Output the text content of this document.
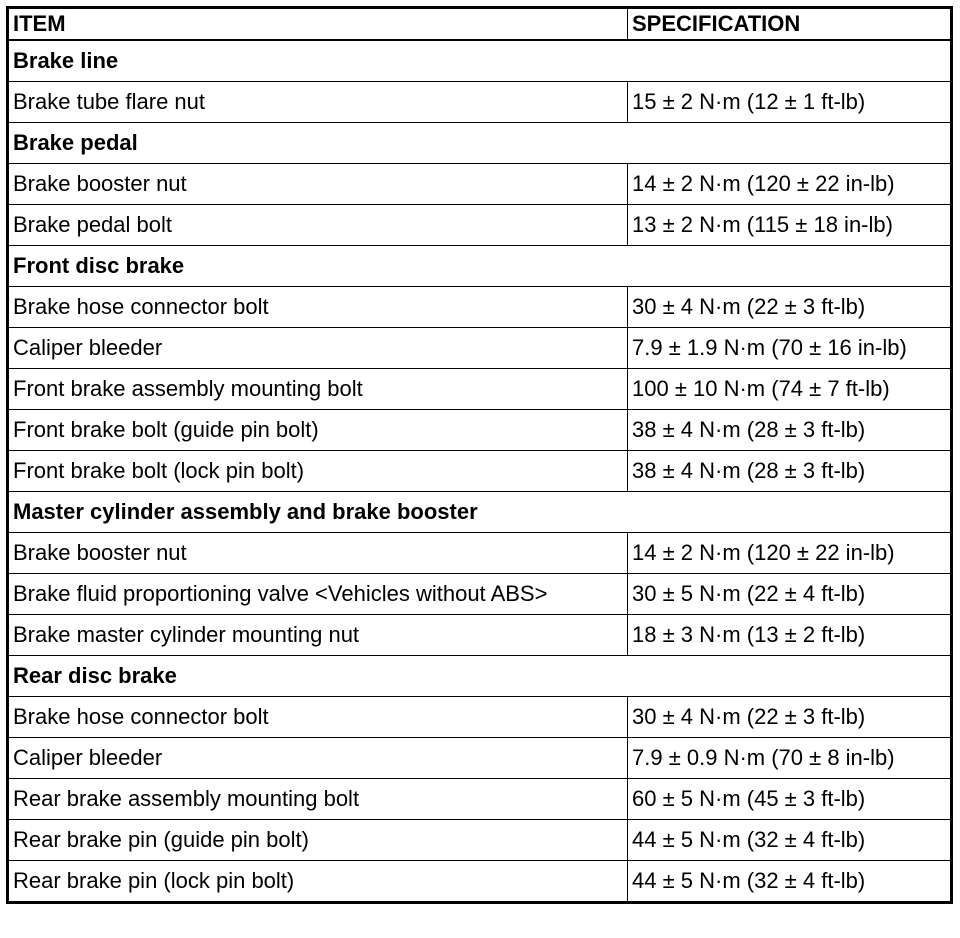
ITEM	SPECIFICATION
Brake line	
Brake tube flare nut	15 ± 2 N·m (12 ± 1 ft-lb)
Brake pedal	
Brake booster nut	14 ± 2 N·m (120 ± 22 in-lb)
Brake pedal bolt	13 ± 2 N·m (115 ± 18 in-lb)
Front disc brake	
Brake hose connector bolt	30 ± 4 N·m (22 ± 3 ft-lb)
Caliper bleeder	7.9 ± 1.9 N·m (70 ± 16 in-lb)
Front brake assembly mounting bolt	100 ± 10 N·m (74 ± 7 ft-lb)
Front brake bolt (guide pin bolt)	38 ± 4 N·m (28 ± 3 ft-lb)
Front brake bolt (lock pin bolt)	38 ± 4 N·m (28 ± 3 ft-lb)
Master cylinder assembly and brake booster	
Brake booster nut	14 ± 2 N·m (120 ± 22 in-lb)
Brake fluid proportioning valve <Vehicles without ABS>	30 ± 5 N·m (22 ± 4 ft-lb)
Brake master cylinder mounting nut	18 ± 3 N·m (13 ± 2 ft-lb)
Rear disc brake	
Brake hose connector bolt	30 ± 4 N·m (22 ± 3 ft-lb)
Caliper bleeder	7.9 ± 0.9 N·m (70 ± 8 in-lb)
Rear brake assembly mounting bolt	60 ± 5 N·m (45 ± 3 ft-lb)
Rear brake pin (guide pin bolt)	44 ± 5 N·m (32 ± 4 ft-lb)
Rear brake pin (lock pin bolt)	44 ± 5 N·m (32 ± 4 ft-lb)
